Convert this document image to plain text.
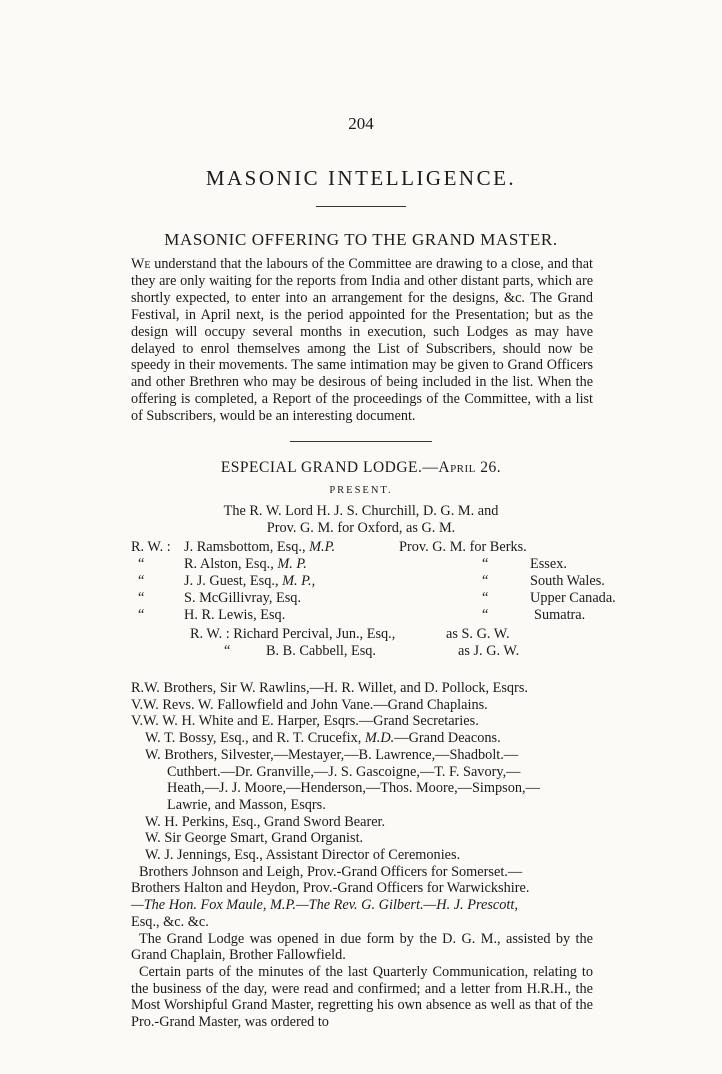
204
MASONIC INTELLIGENCE.
MASONIC OFFERING TO THE GRAND MASTER.
We understand that the labours of the Committee are drawing to a close, and that they are only waiting for the reports from India and other distant parts, which are shortly expected, to enter into an arrangement for the designs, &c. The Grand Festival, in April next, is the period appointed for the Presentation; but as the design will occupy several months in execution, such Lodges as may have delayed to enrol themselves among the List of Subscribers, should now be speedy in their movements. The same intimation may be given to Grand Officers and other Brethren who may be desirous of being included in the list. When the offering is completed, a Report of the proceedings of the Committee, with a list of Subscribers, would be an interesting document.
ESPECIAL GRAND LODGE.—April 26.
PRESENT.
The R. W. Lord H. J. S. Churchill, D. G. M. and
Prov. G. M. for Oxford, as G. M.
R. W. : J. Ramsbottom, Esq., M.P.	Prov. G. M. for Berks.
“	R. Alston, Esq., M. P.	“	Essex.
“	J. J. Guest, Esq., M. P.,	“	South Wales.
“	S. McGillivray, Esq.	“	Upper Canada.
“	H. R. Lewis, Esq.	“	Sumatra.
R. W. : Richard Percival, Jun., Esq.,	as S. G. W.
“ B. B. Cabbell, Esq.	as J. G. W.

R.W. Brothers, Sir W. Rawlins,—H. R. Willet, and D. Pollock, Esqrs.

V.W. Revs. W. Fallowfield and John Vane.—Grand Chaplains.

V.W. W. H. White and E. Harper, Esqrs.—Grand Secretaries.

W. T. Bossy, Esq., and R. T. Crucefix, M.D.—Grand Deacons.

W. Brothers, Silvester,—Mestayer,—B. Lawrence,—Shadbolt.—

Cuthbert.—Dr. Granville,—J. S. Gascoigne,—T. F. Savory,—

Heath,—J. J. Moore,—Henderson,—Thos. Moore,—Simpson,—

Lawrie, and Masson, Esqrs.

W. H. Perkins, Esq., Grand Sword Bearer.

W. Sir George Smart, Grand Organist.

W. J. Jennings, Esq., Assistant Director of Ceremonies.

Brothers Johnson and Leigh, Prov.-Grand Officers for Somerset.—

Brothers Halton and Heydon, Prov.-Grand Officers for Warwickshire.

—The Hon. Fox Maule, M.P.—The Rev. G. Gilbert.—H. J. Prescott,

Esq., &c. &c.

The Grand Lodge was opened in due form by the D. G. M., assisted by the Grand Chaplain, Brother Fallowfield.

Certain parts of the minutes of the last Quarterly Communication, relating to the business of the day, were read and confirmed; and a letter from H.R.H., the Most Worshipful Grand Master, regretting his own absence as well as that of the Pro.-Grand Master, was ordered to
